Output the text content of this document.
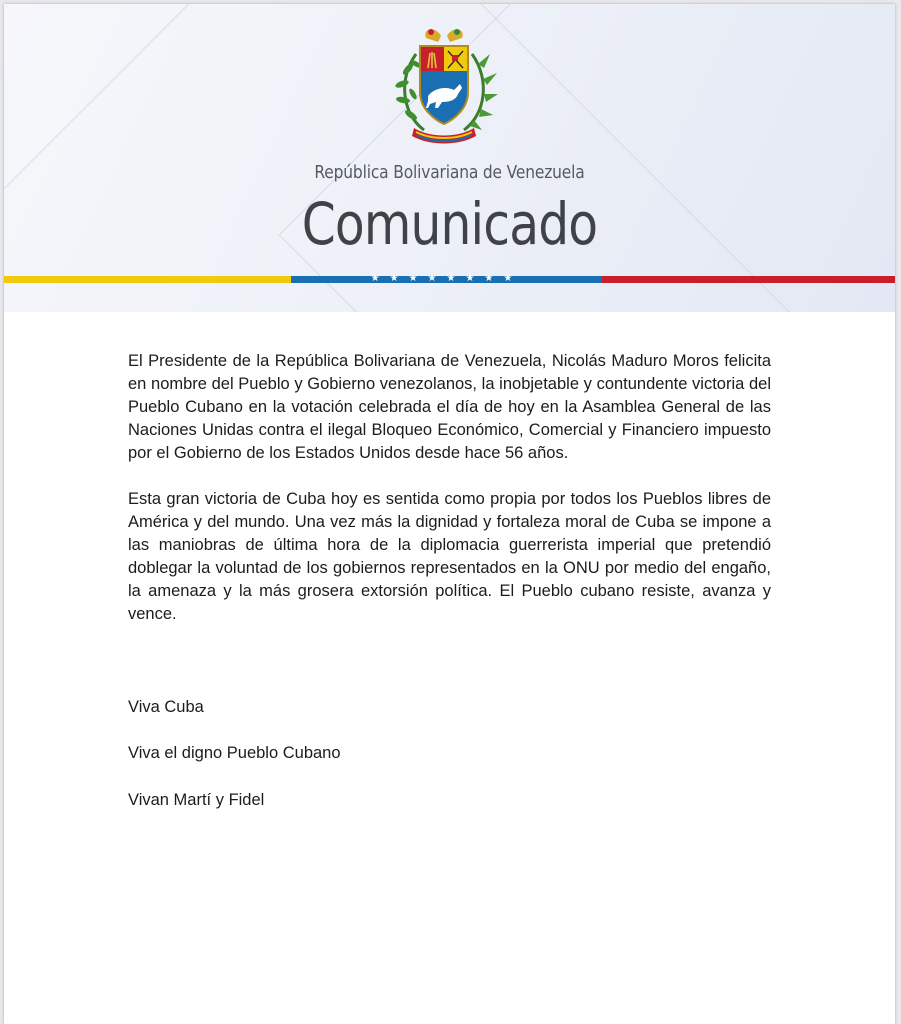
República Bolivariana de Venezuela
Comunicado
★★★★★★★★

El Presidente de la República Bolivariana de Venezuela, Nicolás Maduro Moros felicita en nombre del Pueblo y Gobierno venezolanos, la inobjetable y contundente victoria del Pueblo Cubano en la votación celebrada el día de hoy en la Asamblea General de las Naciones Unidas contra el ilegal Bloqueo Económico, Comercial y Financiero impuesto por el Gobierno de los Estados Unidos desde hace 56 años.

Esta gran victoria de Cuba hoy es sentida como propia por todos los Pueblos libres de América y del mundo. Una vez más la dignidad y fortaleza moral de Cuba se impone a las maniobras de última hora de la diplomacia guerrerista imperial que pretendió doblegar la voluntad de los gobiernos representados en la ONU por medio del engaño, la amenaza y la más grosera extorsión política. El Pueblo cubano resiste, avanza y vence.

Viva Cuba
Viva el digno Pueblo Cubano
Vivan Martí y Fidel
